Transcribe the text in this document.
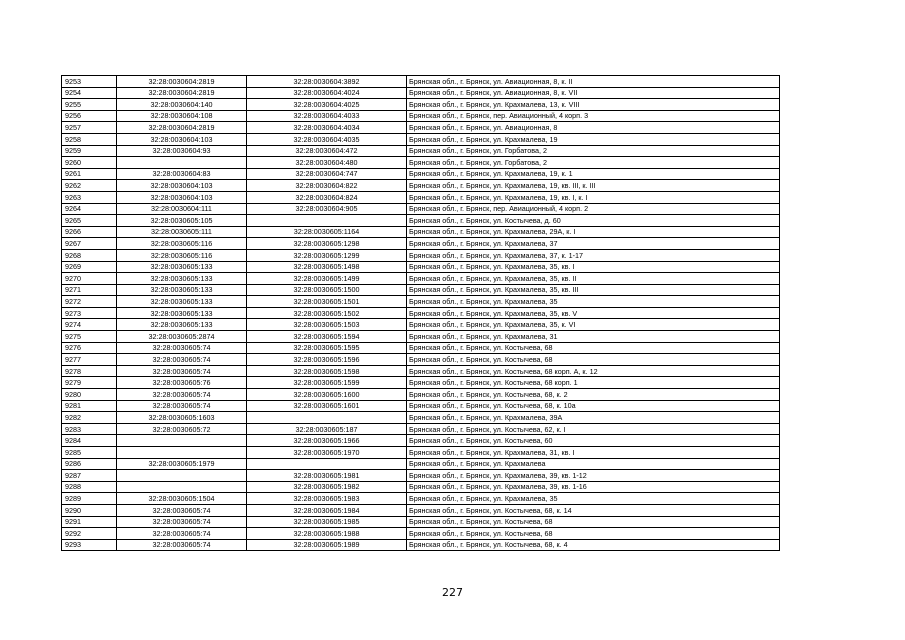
9253	32:28:0030604:2819	32:28:0030604:3892	Брянская обл., г. Брянск, ул. Авиационная, 8, к. II
9254	32:28:0030604:2819	32:28:0030604:4024	Брянская обл., г. Брянск, ул. Авиационная, 8, к. VII
9255	32:28:0030604:140	32:28:0030604:4025	Брянская обл., г. Брянск, ул. Крахмалева, 13, к. VIII
9256	32:28:0030604:108	32:28:0030604:4033	Брянская обл., г. Брянск, пер. Авиационный, 4 корп. 3
9257	32:28:0030604:2819	32:28:0030604:4034	Брянская обл., г. Брянск, ул. Авиационная, 8
9258	32:28:0030604:103	32:28:0030604:4035	Брянская обл., г. Брянск, ул. Крахмалева, 19
9259	32:28:0030604:93	32:28:0030604:472	Брянская обл., г. Брянск, ул. Горбатова, 2
9260		32:28:0030604:480	Брянская обл., г. Брянск, ул. Горбатова, 2
9261	32:28:0030604:83	32:28:0030604:747	Брянская обл., г. Брянск, ул. Крахмалева, 19, к. 1
9262	32:28:0030604:103	32:28:0030604:822	Брянская обл., г. Брянск, ул. Крахмалева, 19, кв. III, к. III
9263	32:28:0030604:103	32:28:0030604:824	Брянская обл., г. Брянск, ул. Крахмалева, 19, кв. I, к. I
9264	32:28:0030604:111	32:28:0030604:905	Брянская обл., г. Брянск, пер. Авиационный, 4 корп. 2
9265	32:28:0030605:105		Брянская обл., г. Брянск, ул. Костычева, д. 60
9266	32:28:0030605:111	32:28:0030605:1164	Брянская обл., г. Брянск, ул. Крахмалева, 29А, к. I
9267	32:28:0030605:116	32:28:0030605:1298	Брянская обл., г. Брянск, ул. Крахмалева, 37
9268	32:28:0030605:116	32:28:0030605:1299	Брянская обл., г. Брянск, ул. Крахмалева, 37, к. 1-17
9269	32:28:0030605:133	32:28:0030605:1498	Брянская обл., г. Брянск, ул. Крахмалева, 35, кв. I
9270	32:28:0030605:133	32:28:0030605:1499	Брянская обл., г. Брянск, ул. Крахмалева, 35, кв. II
9271	32:28:0030605:133	32:28:0030605:1500	Брянская обл., г. Брянск, ул. Крахмалева, 35, кв. III
9272	32:28:0030605:133	32:28:0030605:1501	Брянская обл., г. Брянск, ул. Крахмалева, 35
9273	32:28:0030605:133	32:28:0030605:1502	Брянская обл., г. Брянск, ул. Крахмалева, 35, кв. V
9274	32:28:0030605:133	32:28:0030605:1503	Брянская обл., г. Брянск, ул. Крахмалева, 35, к. VI
9275	32:28:0030605:2874	32:28:0030605:1594	Брянская обл., г. Брянск, ул. Крахмалева, 31
9276	32:28:0030605:74	32:28:0030605:1595	Брянская обл., г. Брянск, ул. Костычева, 68
9277	32:28:0030605:74	32:28:0030605:1596	Брянская обл., г. Брянск, ул. Костычева, 68
9278	32:28:0030605:74	32:28:0030605:1598	Брянская обл., г. Брянск, ул. Костычева, 68 корп. А, к. 12
9279	32:28:0030605:76	32:28:0030605:1599	Брянская обл., г. Брянск, ул. Костычева, 68 корп. 1
9280	32:28:0030605:74	32:28:0030605:1600	Брянская обл., г. Брянск, ул. Костычева, 68, к. 2
9281	32:28:0030605:74	32:28:0030605:1601	Брянская обл., г. Брянск, ул. Костычева, 68, к. 10а
9282	32:28:0030605:1603		Брянская обл., г. Брянск, ул. Крахмалева, 39А
9283	32:28:0030605:72	32:28:0030605:187	Брянская обл., г. Брянск, ул. Костычева, 62, к. I
9284		32:28:0030605:1966	Брянская обл., г. Брянск, ул. Костычева, 60
9285		32:28:0030605:1970	Брянская обл., г. Брянск, ул. Крахмалева, 31, кв. I
9286	32:28:0030605:1979		Брянская обл., г. Брянск, ул. Крахмалева
9287		32:28:0030605:1981	Брянская обл., г. Брянск, ул. Крахмалева, 39, кв. 1-12
9288		32:28:0030605:1982	Брянская обл., г. Брянск, ул. Крахмалева, 39, кв. 1-16
9289	32:28:0030605:1504	32:28:0030605:1983	Брянская обл., г. Брянск, ул. Крахмалева, 35
9290	32:28:0030605:74	32:28:0030605:1984	Брянская обл., г. Брянск, ул. Костычева, 68, к. 14
9291	32:28:0030605:74	32:28:0030605:1985	Брянская обл., г. Брянск, ул. Костычева, 68
9292	32:28:0030605:74	32:28:0030605:1988	Брянская обл., г. Брянск, ул. Костычева, 68
9293	32:28:0030605:74	32:28:0030605:1989	Брянская обл., г. Брянск, ул. Костычева, 68, к. 4
227
